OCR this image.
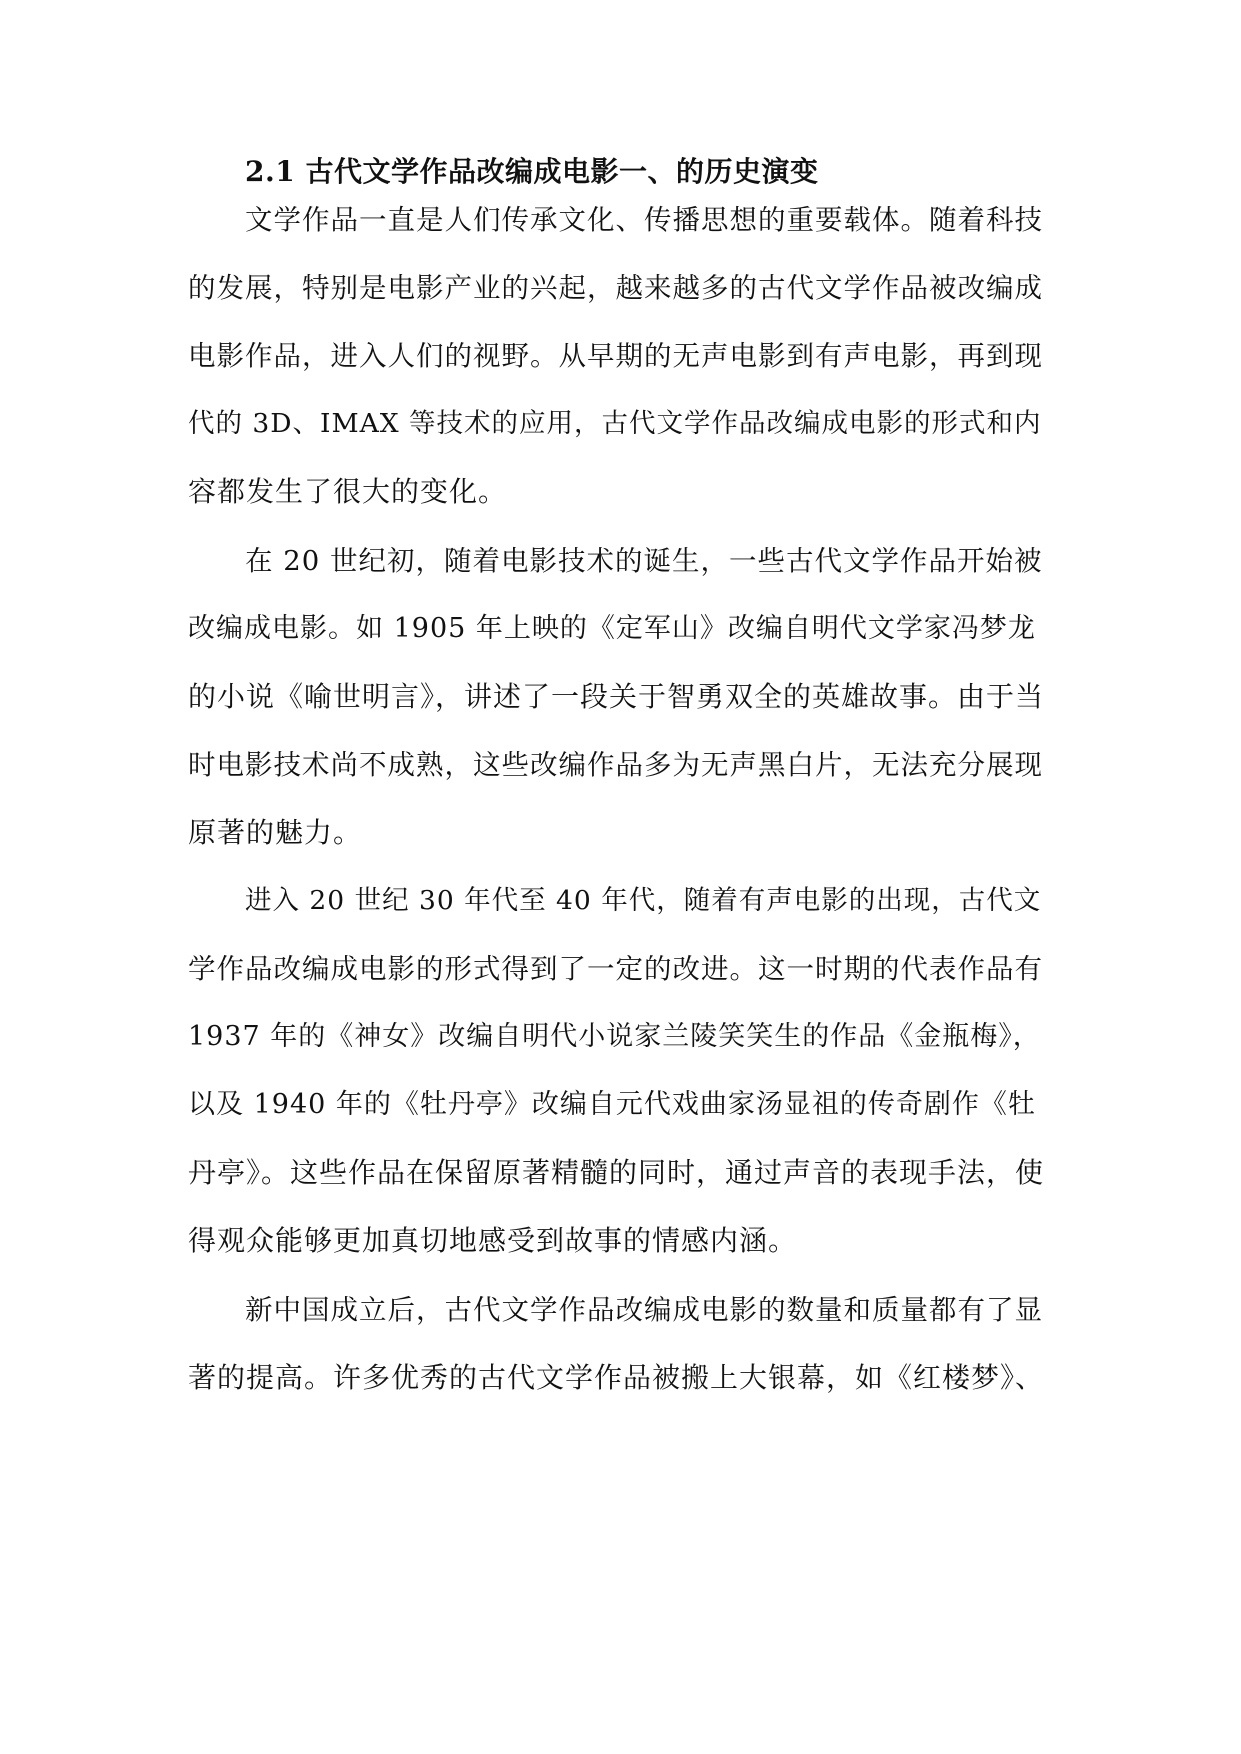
2.1 古代文学作品改编成电影一、的历史演变
文学作品一直是人们传承文化、传播思想的重要载体。随着科技
的发展，特别是电影产业的兴起，越来越多的古代文学作品被改编成
电影作品，进入人们的视野。从早期的无声电影到有声电影，再到现
代的 3D、IMAX 等技术的应用，古代文学作品改编成电影的形式和内
容都发生了很大的变化。
在 20 世纪初，随着电影技术的诞生，一些古代文学作品开始被
改编成电影。如 1905 年上映的《定军山》改编自明代文学家冯梦龙
的小说《喻世明言》，讲述了一段关于智勇双全的英雄故事。由于当
时电影技术尚不成熟，这些改编作品多为无声黑白片，无法充分展现
原著的魅力。
进入 20 世纪 30 年代至 40 年代，随着有声电影的出现，古代文
学作品改编成电影的形式得到了一定的改进。这一时期的代表作品有
1937 年的《神女》改编自明代小说家兰陵笑笑生的作品《金瓶梅》，
以及 1940 年的《牡丹亭》改编自元代戏曲家汤显祖的传奇剧作《牡
丹亭》。这些作品在保留原著精髓的同时，通过声音的表现手法，使
得观众能够更加真切地感受到故事的情感内涵。
新中国成立后，古代文学作品改编成电影的数量和质量都有了显
著的提高。许多优秀的古代文学作品被搬上大银幕，如《红楼梦》、
